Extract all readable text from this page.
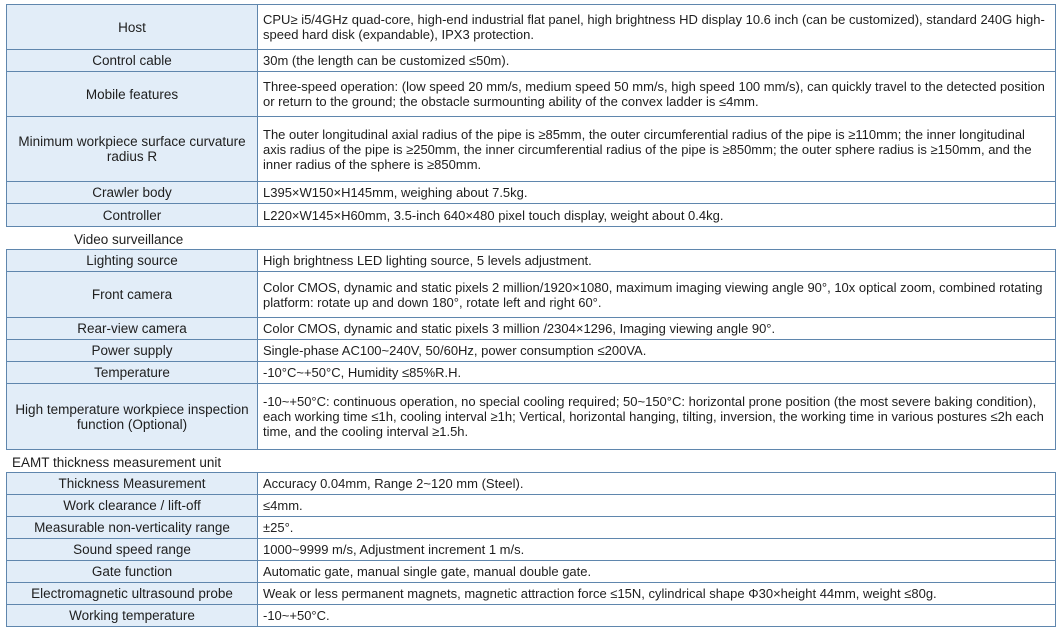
Host	CPU≥ i5/4GHz quad-core, high-end industrial flat panel, high brightness HD display 10.6 inch (can be customized), standard 240G high-speed hard disk (expandable), IPX3 protection.
Control cable	30m (the length can be customized ≤50m).
Mobile features	Three-speed operation: (low speed 20 mm/s, medium speed 50 mm/s, high speed 100 mm/s), can quickly travel to the detected position or return to the ground; the obstacle surmounting ability of the convex ladder is ≤4mm.
Minimum workpiece surface curvature radius R	The outer longitudinal axial radius of the pipe is ≥85mm, the outer circumferential radius of the pipe is ≥110mm; the inner longitudinal axis radius of the pipe is ≥250mm, the inner circumferential radius of the pipe is ≥850mm; the outer sphere radius is ≥150mm, and the inner radius of the sphere is ≥850mm.
Crawler body	L395×W150×H145mm, weighing about 7.5kg.
Controller	L220×W145×H60mm, 3.5-inch 640×480 pixel touch display, weight about 0.4kg.
Video surveillance
Lighting source	High brightness LED lighting source, 5 levels adjustment.
Front camera	Color CMOS, dynamic and static pixels 2 million/1920×1080, maximum imaging viewing angle 90°, 10x optical zoom, combined rotating platform: rotate up and down 180°, rotate left and right 60°.
Rear-view camera	Color CMOS, dynamic and static pixels 3 million /2304×1296, Imaging viewing angle 90°.
Power supply	Single-phase AC100~240V, 50/60Hz, power consumption ≤200VA.
Temperature	-10°C~+50°C, Humidity ≤85%R.H.
High temperature workpiece inspection function (Optional)	-10~+50°C: continuous operation, no special cooling required; 50~150°C: horizontal prone position (the most severe baking condition), each working time ≤1h, cooling interval ≥1h; Vertical, horizontal hanging, tilting, inversion, the working time in various postures ≤2h each time, and the cooling interval ≥1.5h.
EAMT thickness measurement unit
Thickness Measurement	Accuracy 0.04mm, Range 2~120 mm (Steel).
Work clearance / lift-off	≤4mm.
Measurable non-verticality range	±25°.
Sound speed range	1000~9999 m/s, Adjustment increment 1 m/s.
Gate function	Automatic gate, manual single gate, manual double gate.
Electromagnetic ultrasound probe	Weak or less permanent magnets, magnetic attraction force ≤15N, cylindrical shape Φ30×height 44mm, weight ≤80g.
Working temperature	-10~+50°C.
